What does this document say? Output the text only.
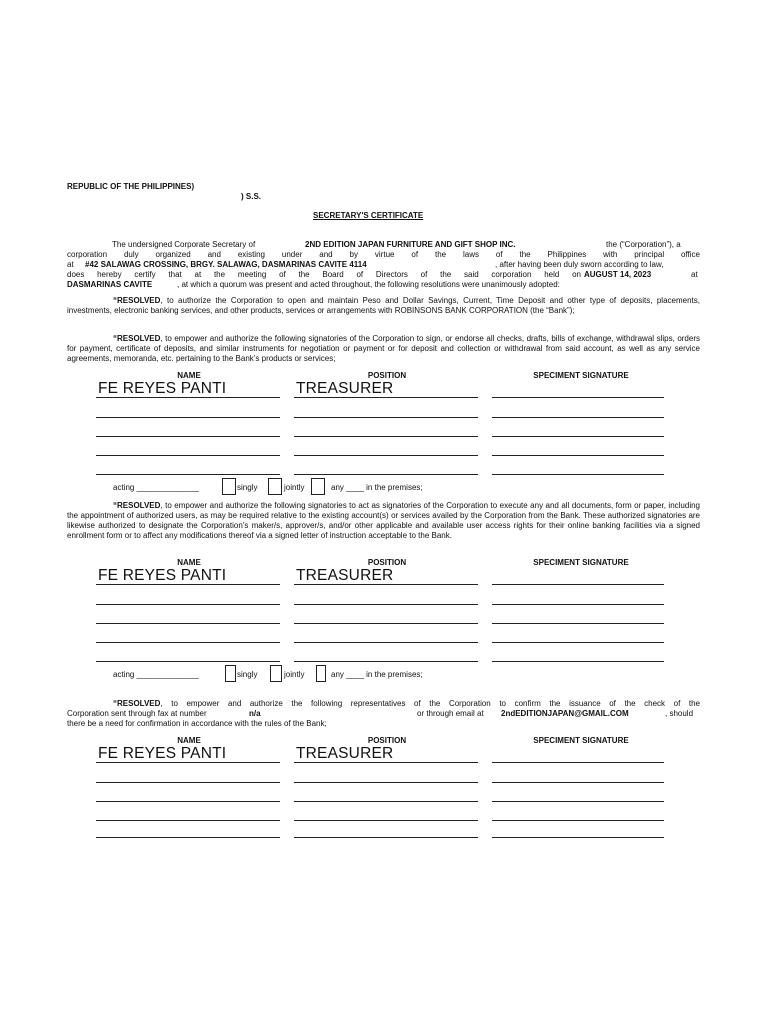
REPUBLIC OF THE PHILIPPINES)
) S.S.
SECRETARY'S CERTIFICATE
The undersigned Corporate Secretary of	2ND EDITION JAPAN FURNITURE AND GIFT SHOP INC.	the (“Corporation”), a
corporation duly organized and existing under and by virtue of the laws of the Philippines with principal office
at #42 SALAWAG CROSSING, BRGY. SALAWAG, DASMARINAS CAVITE 4114	, after having been duly sworn according to law,
does hereby certify that at the meeting of the Board of Directors of the said corporation held on AUGUST 14, 2023	at
DASMARINAS CAVITE	, at which a quorum was present and acted throughout, the following resolutions were unanimously adopted:
“RESOLVED, to authorize the Corporation to open and maintain Peso and Dollar Savings, Current, Time Deposit and other type of deposits, placements, investments, electronic banking services, and other products, services or arrangements with ROBINSONS BANK CORPORATION (the “Bank”);
“RESOLVED, to empower and authorize the following signatories of the Corporation to sign, or endorse all checks, drafts, bills of exchange, withdrawal slips, orders for payment, certificate of deposits, and similar instruments for negotiation or payment or for deposit and collection or withdrawal from said account, as well as any service agreements, memoranda, etc. pertaining to the Bank’s products or services;
NAME	POSITION	SPECIMENT SIGNATURE
FE REYES PANTI	TREASURER
acting ______________	singly	jointly	any ____ in the premises;
“RESOLVED, to empower and authorize the following signatories to act as signatories of the Corporation to execute any and all documents, form or paper, including the appointment of authorized users, as may be required relative to the existing account(s) or services availed by the Corporation from the Bank. These authorized signatories are likewise authorized to designate the Corporation’s maker/s, approver/s, and/or other applicable and available user access rights for their online banking facilities via a signed enrollment form or to affect any modifications thereof via a signed letter of instruction acceptable to the Bank.
NAME	POSITION	SPECIMENT SIGNATURE
FE REYES PANTI	TREASURER
acting ______________	singly	jointly	any ____ in the premises;
“RESOLVED, to empower and authorize the following representatives of the Corporation to confirm the issuance of the check of the
Corporation sent through fax at number	n/a	or through email at 2ndEDITIONJAPAN@GMAIL.COM	, should
there be a need for confirmation in accordance with the rules of the Bank;
NAME	POSITION	SPECIMENT SIGNATURE
FE REYES PANTI	TREASURER
